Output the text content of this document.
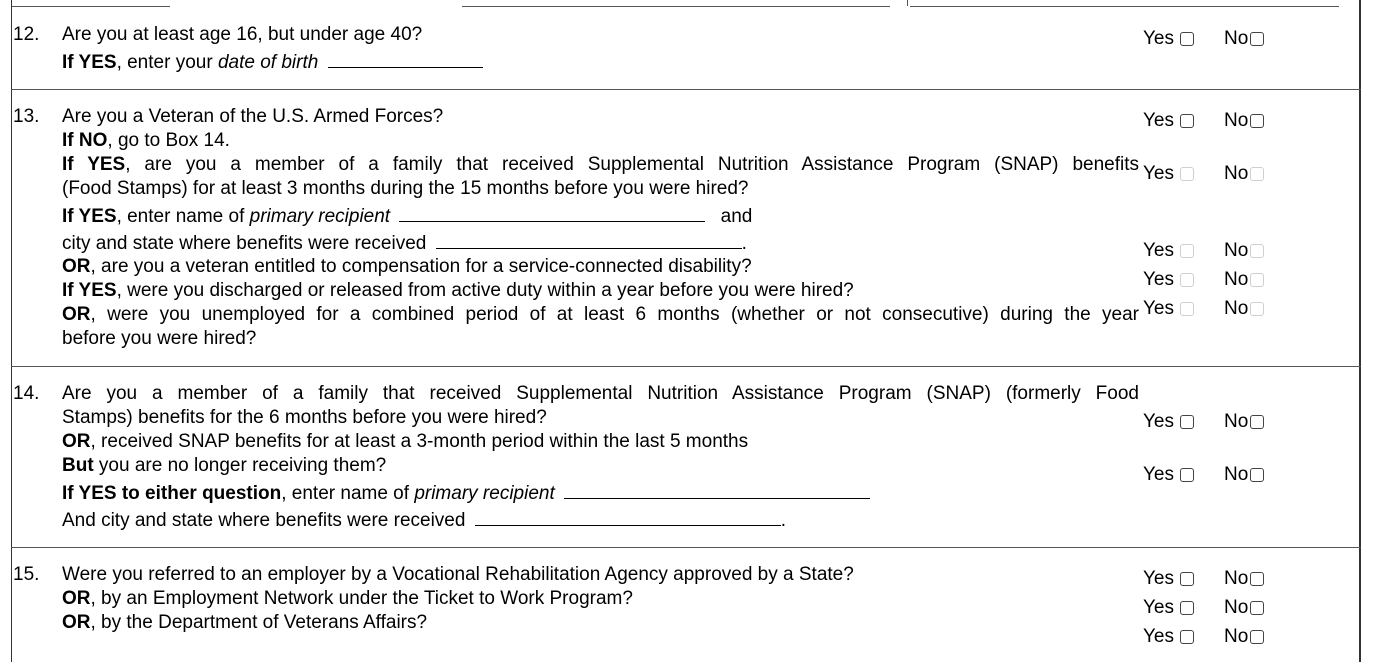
12. Are you at least age 16, but under age 40?
If YES, enter your date of birth
Yes	No
13. Are you a Veteran of the U.S. Armed Forces?
If NO, go to Box 14.
If YES, are you a member of a family that received Supplemental Nutrition Assistance Program (SNAP) benefits
(Food Stamps) for at least 3 months during the 15 months before you were hired?
If YES, enter name of primary recipient	and
city and state where benefits were received	.
OR, are you a veteran entitled to compensation for a service-connected disability?
If YES, were you discharged or released from active duty within a year before you were hired?
OR, were you unemployed for a combined period of at least 6 months (whether or not consecutive) during the year
before you were hired?
Yes	No
Yes	No
Yes	No
Yes	No
Yes	No
14. Are you a member of a family that received Supplemental Nutrition Assistance Program (SNAP) (formerly Food
Stamps) benefits for the 6 months before you were hired?
OR, received SNAP benefits for at least a 3-month period within the last 5 months
But you are no longer receiving them?
If YES to either question, enter name of primary recipient
And city and state where benefits were received	.
Yes	No
Yes	No
15. Were you referred to an employer by a Vocational Rehabilitation Agency approved by a State?
OR, by an Employment Network under the Ticket to Work Program?
OR, by the Department of Veterans Affairs?
Yes	No
Yes	No
Yes	No
